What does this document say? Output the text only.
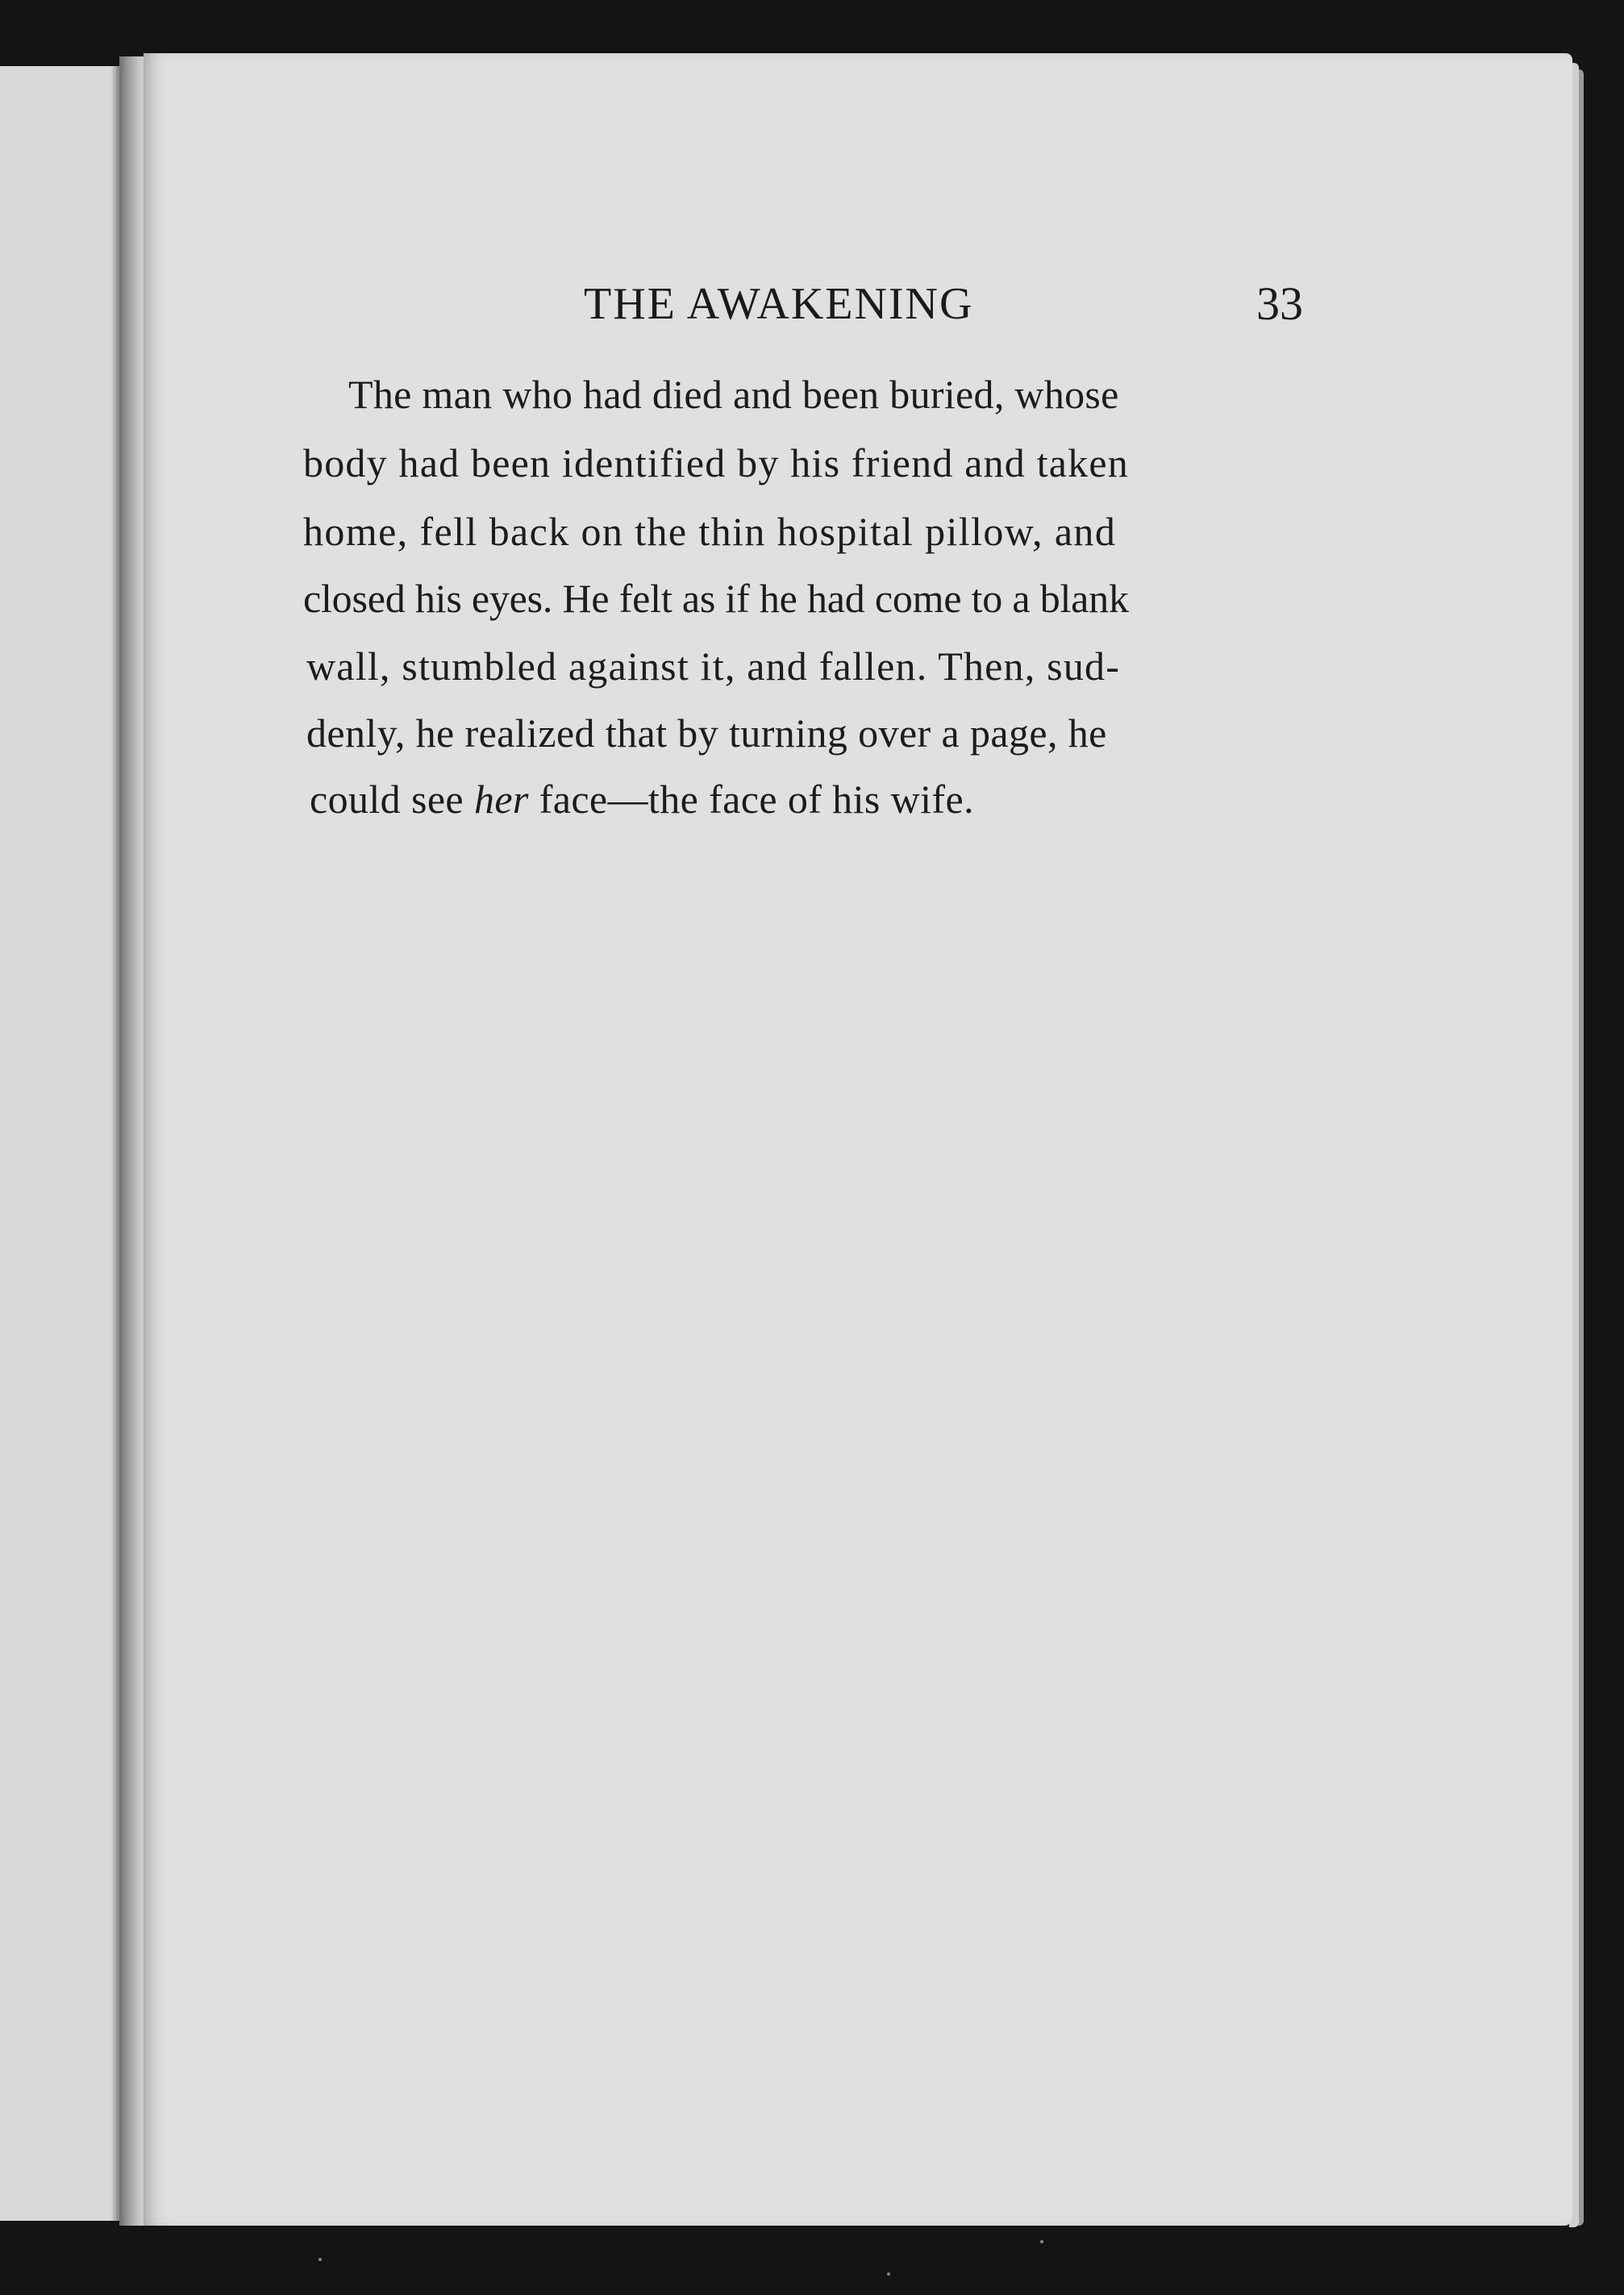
THE AWAKENING	33
The man who had died and been buried, whose
body had been identified by his friend and taken
home, fell back on the thin hospital pillow, and
closed his eyes. He felt as if he had come to a blank
wall, stumbled against it, and fallen. Then, sud-
denly, he realized that by turning over a page, he
could see her face—the face of his wife.
